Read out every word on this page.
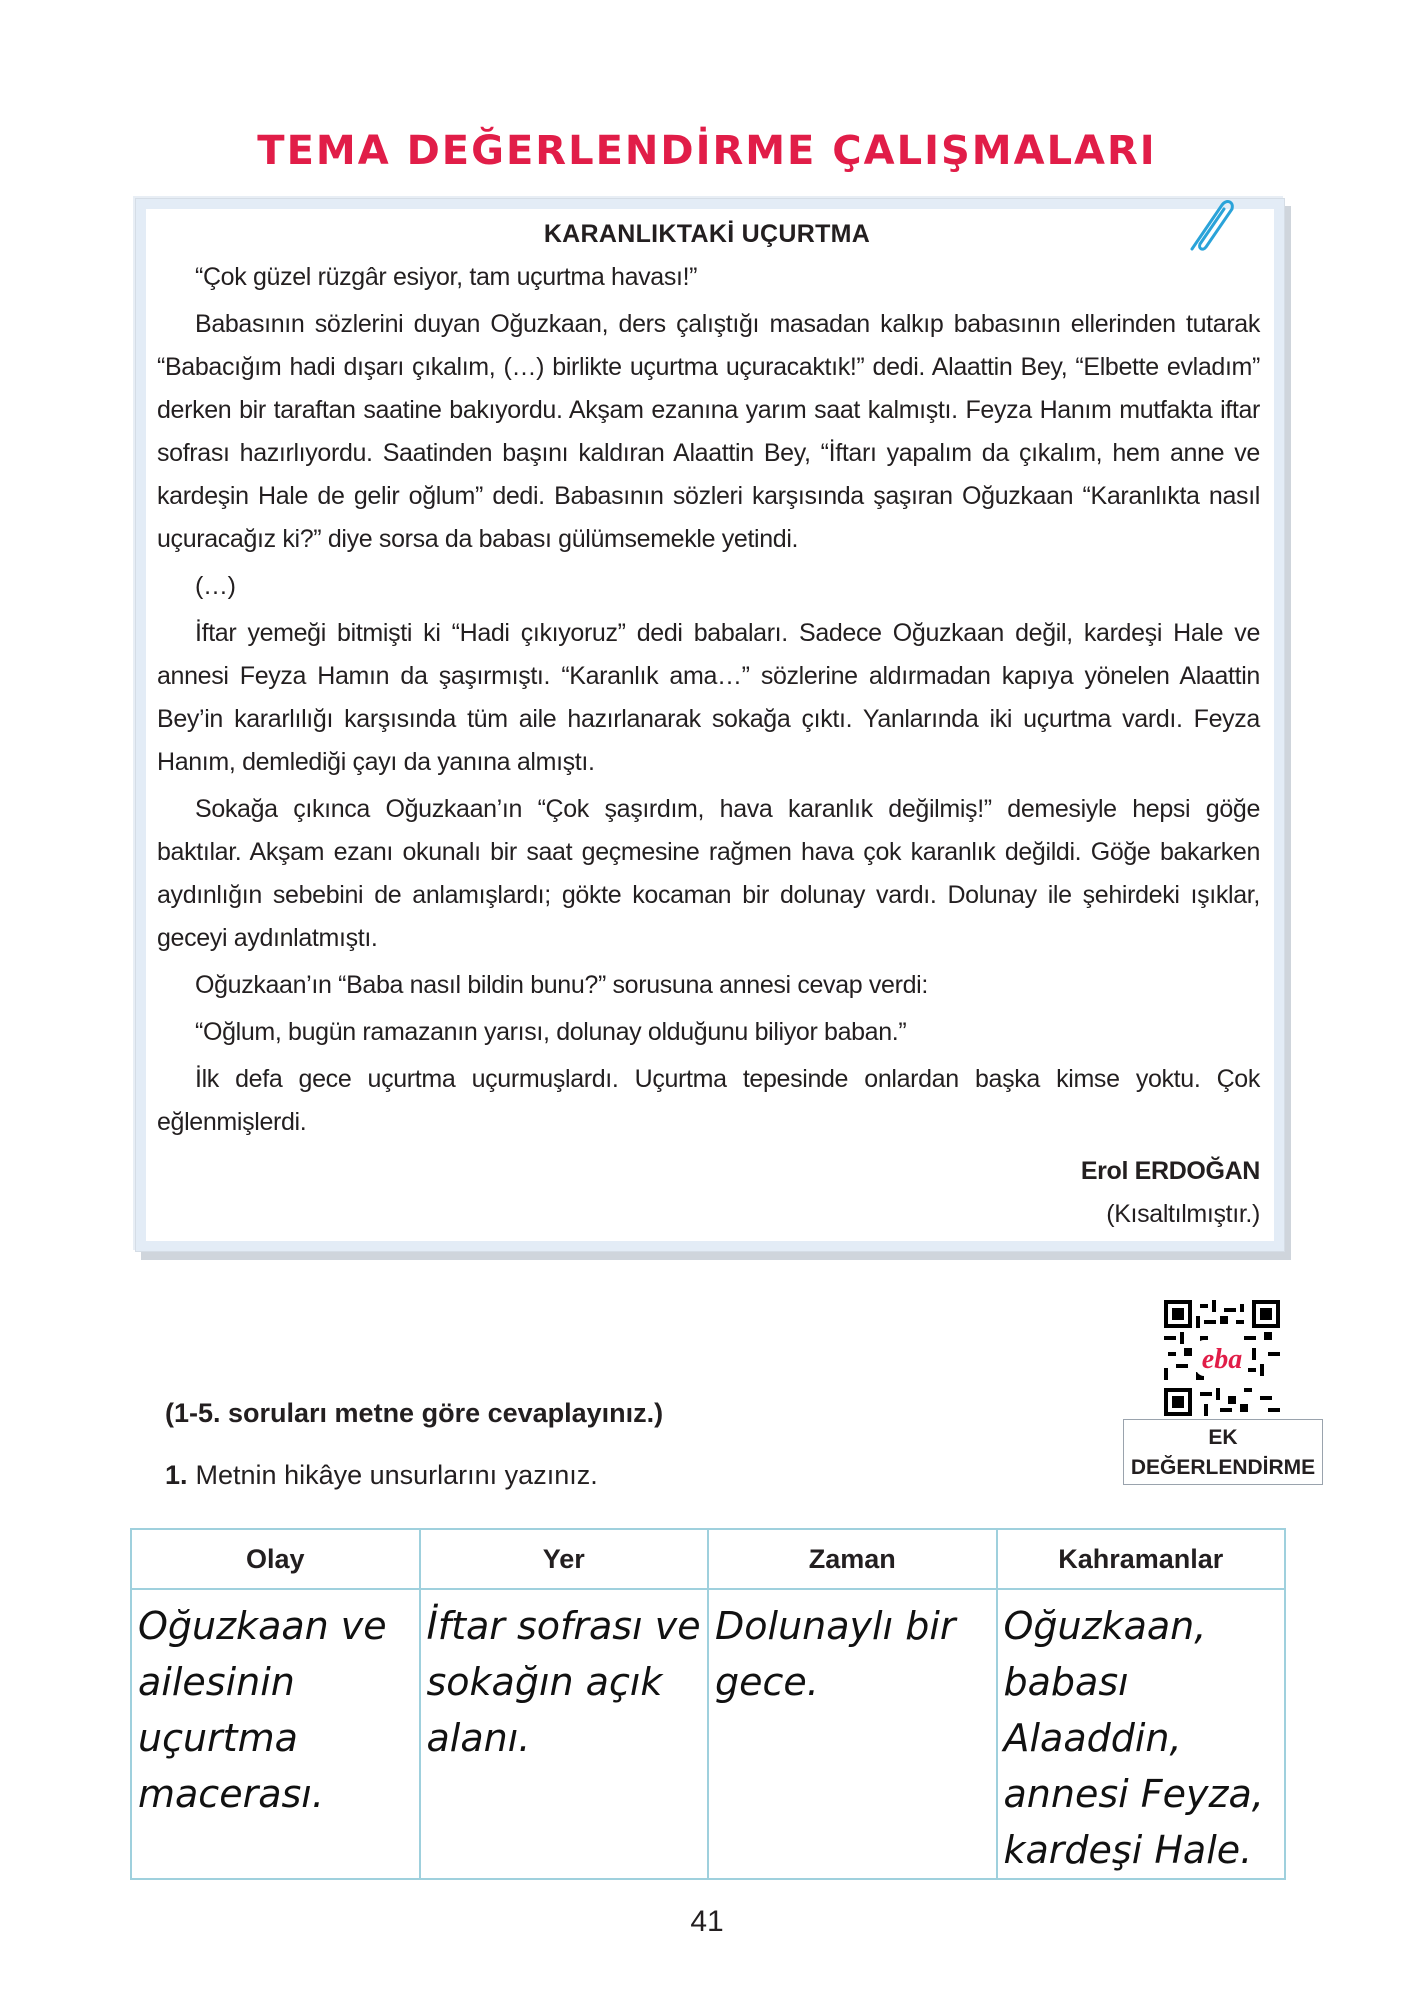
TEMA DEĞERLENDİRME ÇALIŞMALARI
KARANLIKTAKİ UÇURTMA

“Çok güzel rüzgâr esiyor, tam uçurtma havası!”

Babasının sözlerini duyan Oğuzkaan, ders çalıştığı masadan kalkıp babasının ellerinden tutarak “Babacığım hadi dışarı çıkalım, (…) birlikte uçurtma uçuracaktık!” dedi. Alaattin Bey, “Elbette evladım” derken bir taraftan saatine bakıyordu. Akşam ezanına yarım saat kalmıştı. Feyza Hanım mutfakta iftar sofrası hazırlıyordu. Saatinden başını kaldıran Alaattin Bey, “İftarı yapalım da çıkalım, hem anne ve kardeşin Hale de gelir oğlum” dedi. Babasının sözleri karşısında şaşıran Oğuzkaan “Karanlıkta nasıl uçuracağız ki?” diye sorsa da babası gülümsemekle yetindi.

(…)

İftar yemeği bitmişti ki “Hadi çıkıyoruz” dedi babaları. Sadece Oğuzkaan değil, kardeşi Hale ve annesi Feyza Hamın da şaşırmıştı. “Karanlık ama…” sözlerine aldırmadan kapıya yönelen Alaattin Bey’in kararlılığı karşısında tüm aile hazırlanarak sokağa çıktı. Yanlarında iki uçurtma vardı. Feyza Hanım, demlediği çayı da yanına almıştı.

Sokağa çıkınca Oğuzkaan’ın “Çok şaşırdım, hava karanlık değilmiş!” demesiyle hepsi göğe baktılar. Akşam ezanı okunalı bir saat geçmesine rağmen hava çok karanlık değildi. Göğe bakarken aydınlığın sebebini de anlamışlardı; gökte kocaman bir dolunay vardı. Dolunay ile şehirdeki ışıklar, geceyi aydınlatmıştı.

Oğuzkaan’ın “Baba nasıl bildin bunu?” sorusuna annesi cevap verdi:

“Oğlum, bugün ramazanın yarısı, dolunay olduğunu biliyor baban.”

İlk defa gece uçurtma uçurmuşlardı. Uçurtma tepesinde onlardan başka kimse yoktu. Çok eğlenmişlerdi.

Erol ERDOĞAN
(Kısaltılmıştır.)
eba
EK
DEĞERLENDİRME
(1-5. soruları metne göre cevaplayınız.)
1. Metnin hikâye unsurlarını yazınız.
Olay	Yer	Zaman	Kahramanlar
Oğuzkaan ve ailesinin uçurtma macerası.	İftar sofrası ve sokağın açık alanı.	Dolunaylı bir gece.	Oğuzkaan, babası Alaaddin, annesi Feyza, kardeşi Hale.
41
